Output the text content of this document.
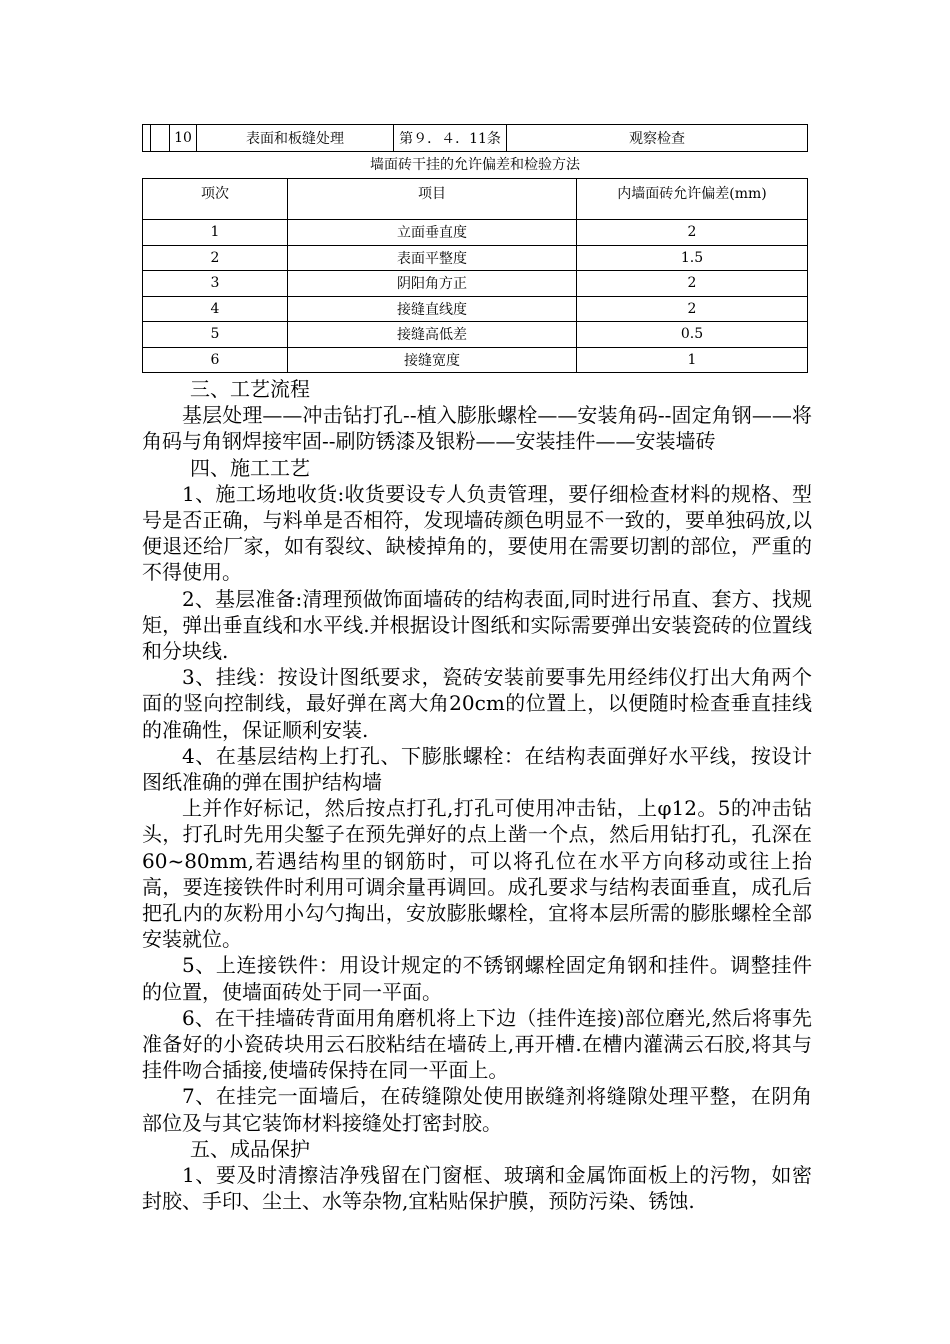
		10	表面和板缝处理	第９．４．11条	观察检查
墙面砖干挂的允许偏差和检验方法
项次	项目	内墙面砖允许偏差(mm)
1	立面垂直度	2
2	表面平整度	1.5
3	阴阳角方正	2
4	接缝直线度	2
5	接缝高低差	0.5
6	接缝宽度	1

三、工艺流程

基层处理——冲击钻打孔--植入膨胀螺栓——安装角码--固定角钢——将角码与角钢焊接牢固--刷防锈漆及银粉——安装挂件——安装墙砖

四、施工工艺

1、施工场地收货:收货要设专人负责管理，要仔细检查材料的规格、型号是否正确，与料单是否相符，发现墙砖颜色明显不一致的，要单独码放,以便退还给厂家，如有裂纹、缺棱掉角的，要使用在需要切割的部位，严重的不得使用。

2、基层准备:清理预做饰面墙砖的结构表面,同时进行吊直、套方、找规矩，弹出垂直线和水平线.并根据设计图纸和实际需要弹出安装瓷砖的位置线和分块线.

3、挂线：按设计图纸要求，瓷砖安装前要事先用经纬仪打出大角两个面的竖向控制线，最好弹在离大角20cm的位置上，以便随时检查垂直挂线的准确性，保证顺利安装.

4、在基层结构上打孔、下膨胀螺栓：在结构表面弹好水平线，按设计图纸准确的弹在围护结构墙

上并作好标记，然后按点打孔,打孔可使用冲击钻，上φ12。5的冲击钻头，打孔时先用尖錾子在预先弹好的点上凿一个点，然后用钻打孔，孔深在60~80mm,若遇结构里的钢筋时，可以将孔位在水平方向移动或往上抬高，要连接铁件时利用可调余量再调回。成孔要求与结构表面垂直，成孔后把孔内的灰粉用小勾勺掏出，安放膨胀螺栓，宜将本层所需的膨胀螺栓全部安装就位。

5、上连接铁件：用设计规定的不锈钢螺栓固定角钢和挂件。调整挂件的位置，使墙面砖处于同一平面。

6、在干挂墙砖背面用角磨机将上下边（挂件连接)部位磨光,然后将事先准备好的小瓷砖块用云石胶粘结在墙砖上,再开槽.在槽内灌满云石胶,将其与挂件吻合插接,使墙砖保持在同一平面上。

7、在挂完一面墙后，在砖缝隙处使用嵌缝剂将缝隙处理平整，在阴角部位及与其它装饰材料接缝处打密封胶。

五、成品保护

1、要及时清擦洁净残留在门窗框、玻璃和金属饰面板上的污物，如密封胶、手印、尘土、水等杂物,宜粘贴保护膜，预防污染、锈蚀.
